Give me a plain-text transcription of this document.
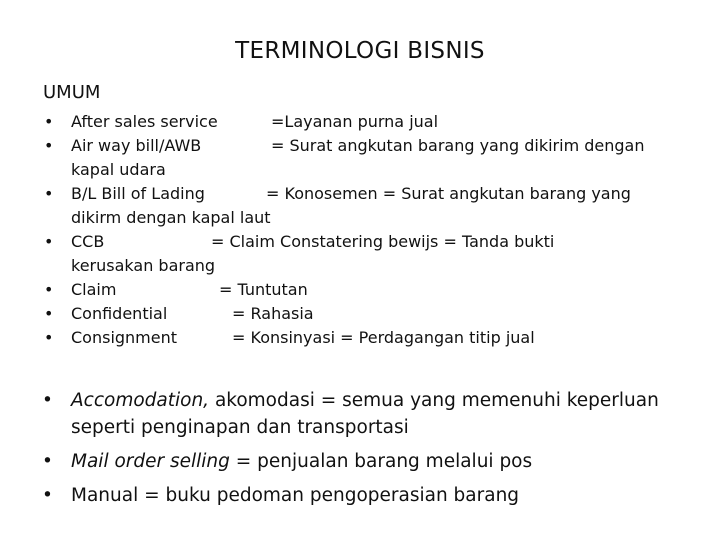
TERMINOLOGI BISNIS
UMUM
• After sales service	=Layanan purna jual
• Air way bill/AWB	= Surat angkutan barang yang dikirim dengan
kapal udara
• B/L Bill of Lading	= Konosemen = Surat angkutan barang yang
dikirm dengan kapal laut
• CCB	= Claim Constatering bewijs = Tanda bukti
kerusakan barang
• Claim	= Tuntutan
• Confidential	= Rahasia
• Consignment	= Konsinyasi = Perdagangan titip jual
• Accomodation, akomodasi = semua yang memenuhi keperluan seperti penginapan dan transportasi
• Mail order selling = penjualan barang melalui pos
• Manual = buku pedoman pengoperasian barang
